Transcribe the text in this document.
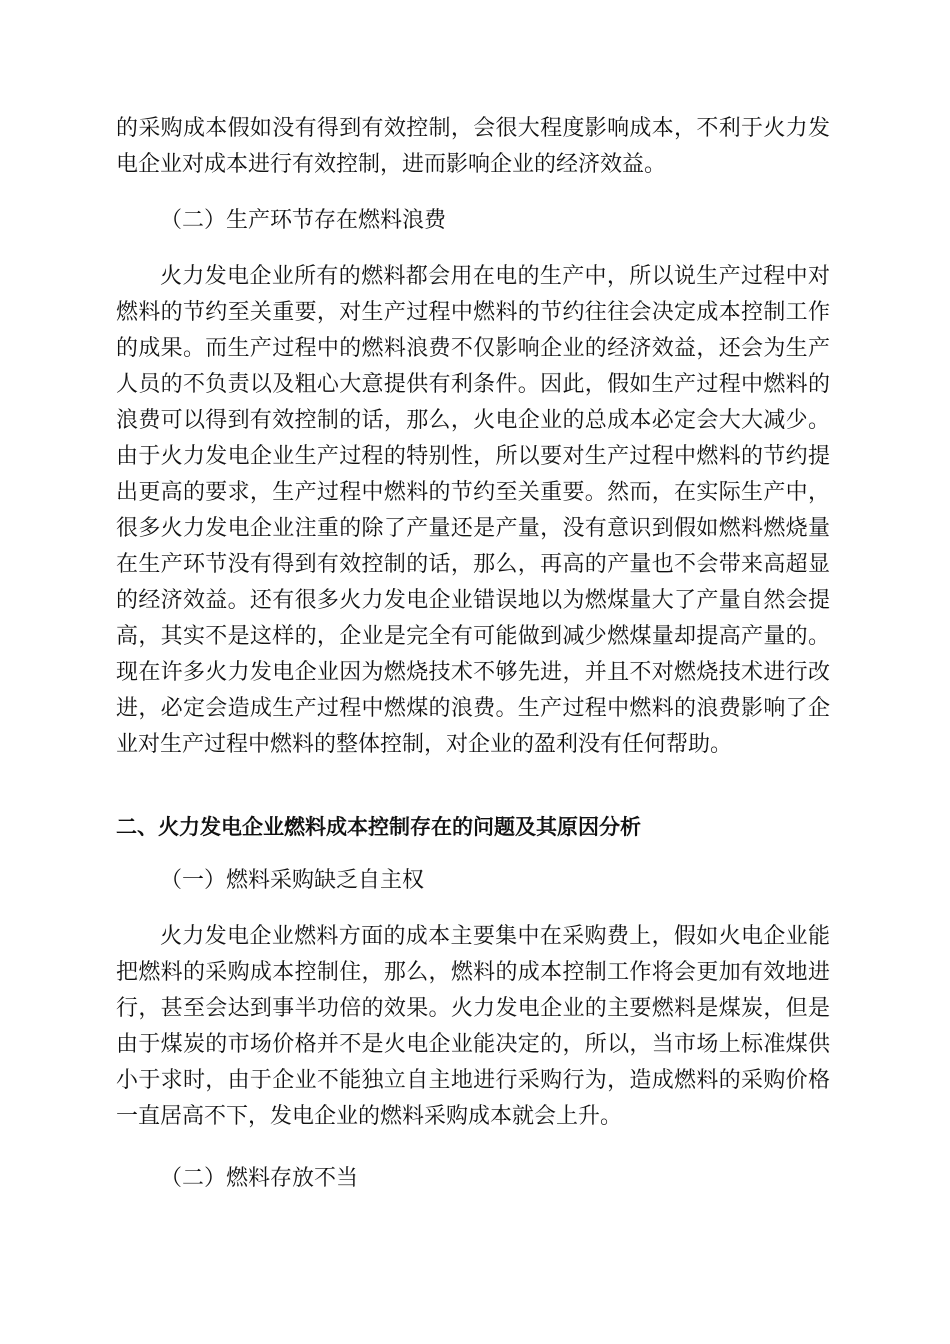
的采购成本假如没有得到有效控制，会很大程度影响成本，不利于火力发
电企业对成本进行有效控制，进而影响企业的经济效益。
（二）生产环节存在燃料浪费
火力发电企业所有的燃料都会用在电的生产中，所以说生产过程中对
燃料的节约至关重要，对生产过程中燃料的节约往往会决定成本控制工作
的成果。而生产过程中的燃料浪费不仅影响企业的经济效益，还会为生产
人员的不负责以及粗心大意提供有利条件。因此，假如生产过程中燃料的
浪费可以得到有效控制的话，那么，火电企业的总成本必定会大大减少。
由于火力发电企业生产过程的特别性，所以要对生产过程中燃料的节约提
出更高的要求，生产过程中燃料的节约至关重要。然而，在实际生产中，
很多火力发电企业注重的除了产量还是产量，没有意识到假如燃料燃烧量
在生产环节没有得到有效控制的话，那么，再高的产量也不会带来高超显
的经济效益。还有很多火力发电企业错误地以为燃煤量大了产量自然会提
高，其实不是这样的，企业是完全有可能做到减少燃煤量却提高产量的。
现在许多火力发电企业因为燃烧技术不够先进，并且不对燃烧技术进行改
进，必定会造成生产过程中燃煤的浪费。生产过程中燃料的浪费影响了企
业对生产过程中燃料的整体控制，对企业的盈利没有任何帮助。
二、火力发电企业燃料成本控制存在的问题及其原因分析
（一）燃料采购缺乏自主权
火力发电企业燃料方面的成本主要集中在采购费上，假如火电企业能
把燃料的采购成本控制住，那么，燃料的成本控制工作将会更加有效地进
行，甚至会达到事半功倍的效果。火力发电企业的主要燃料是煤炭，但是
由于煤炭的市场价格并不是火电企业能决定的，所以，当市场上标准煤供
小于求时，由于企业不能独立自主地进行采购行为，造成燃料的采购价格
一直居高不下，发电企业的燃料采购成本就会上升。
（二）燃料存放不当
